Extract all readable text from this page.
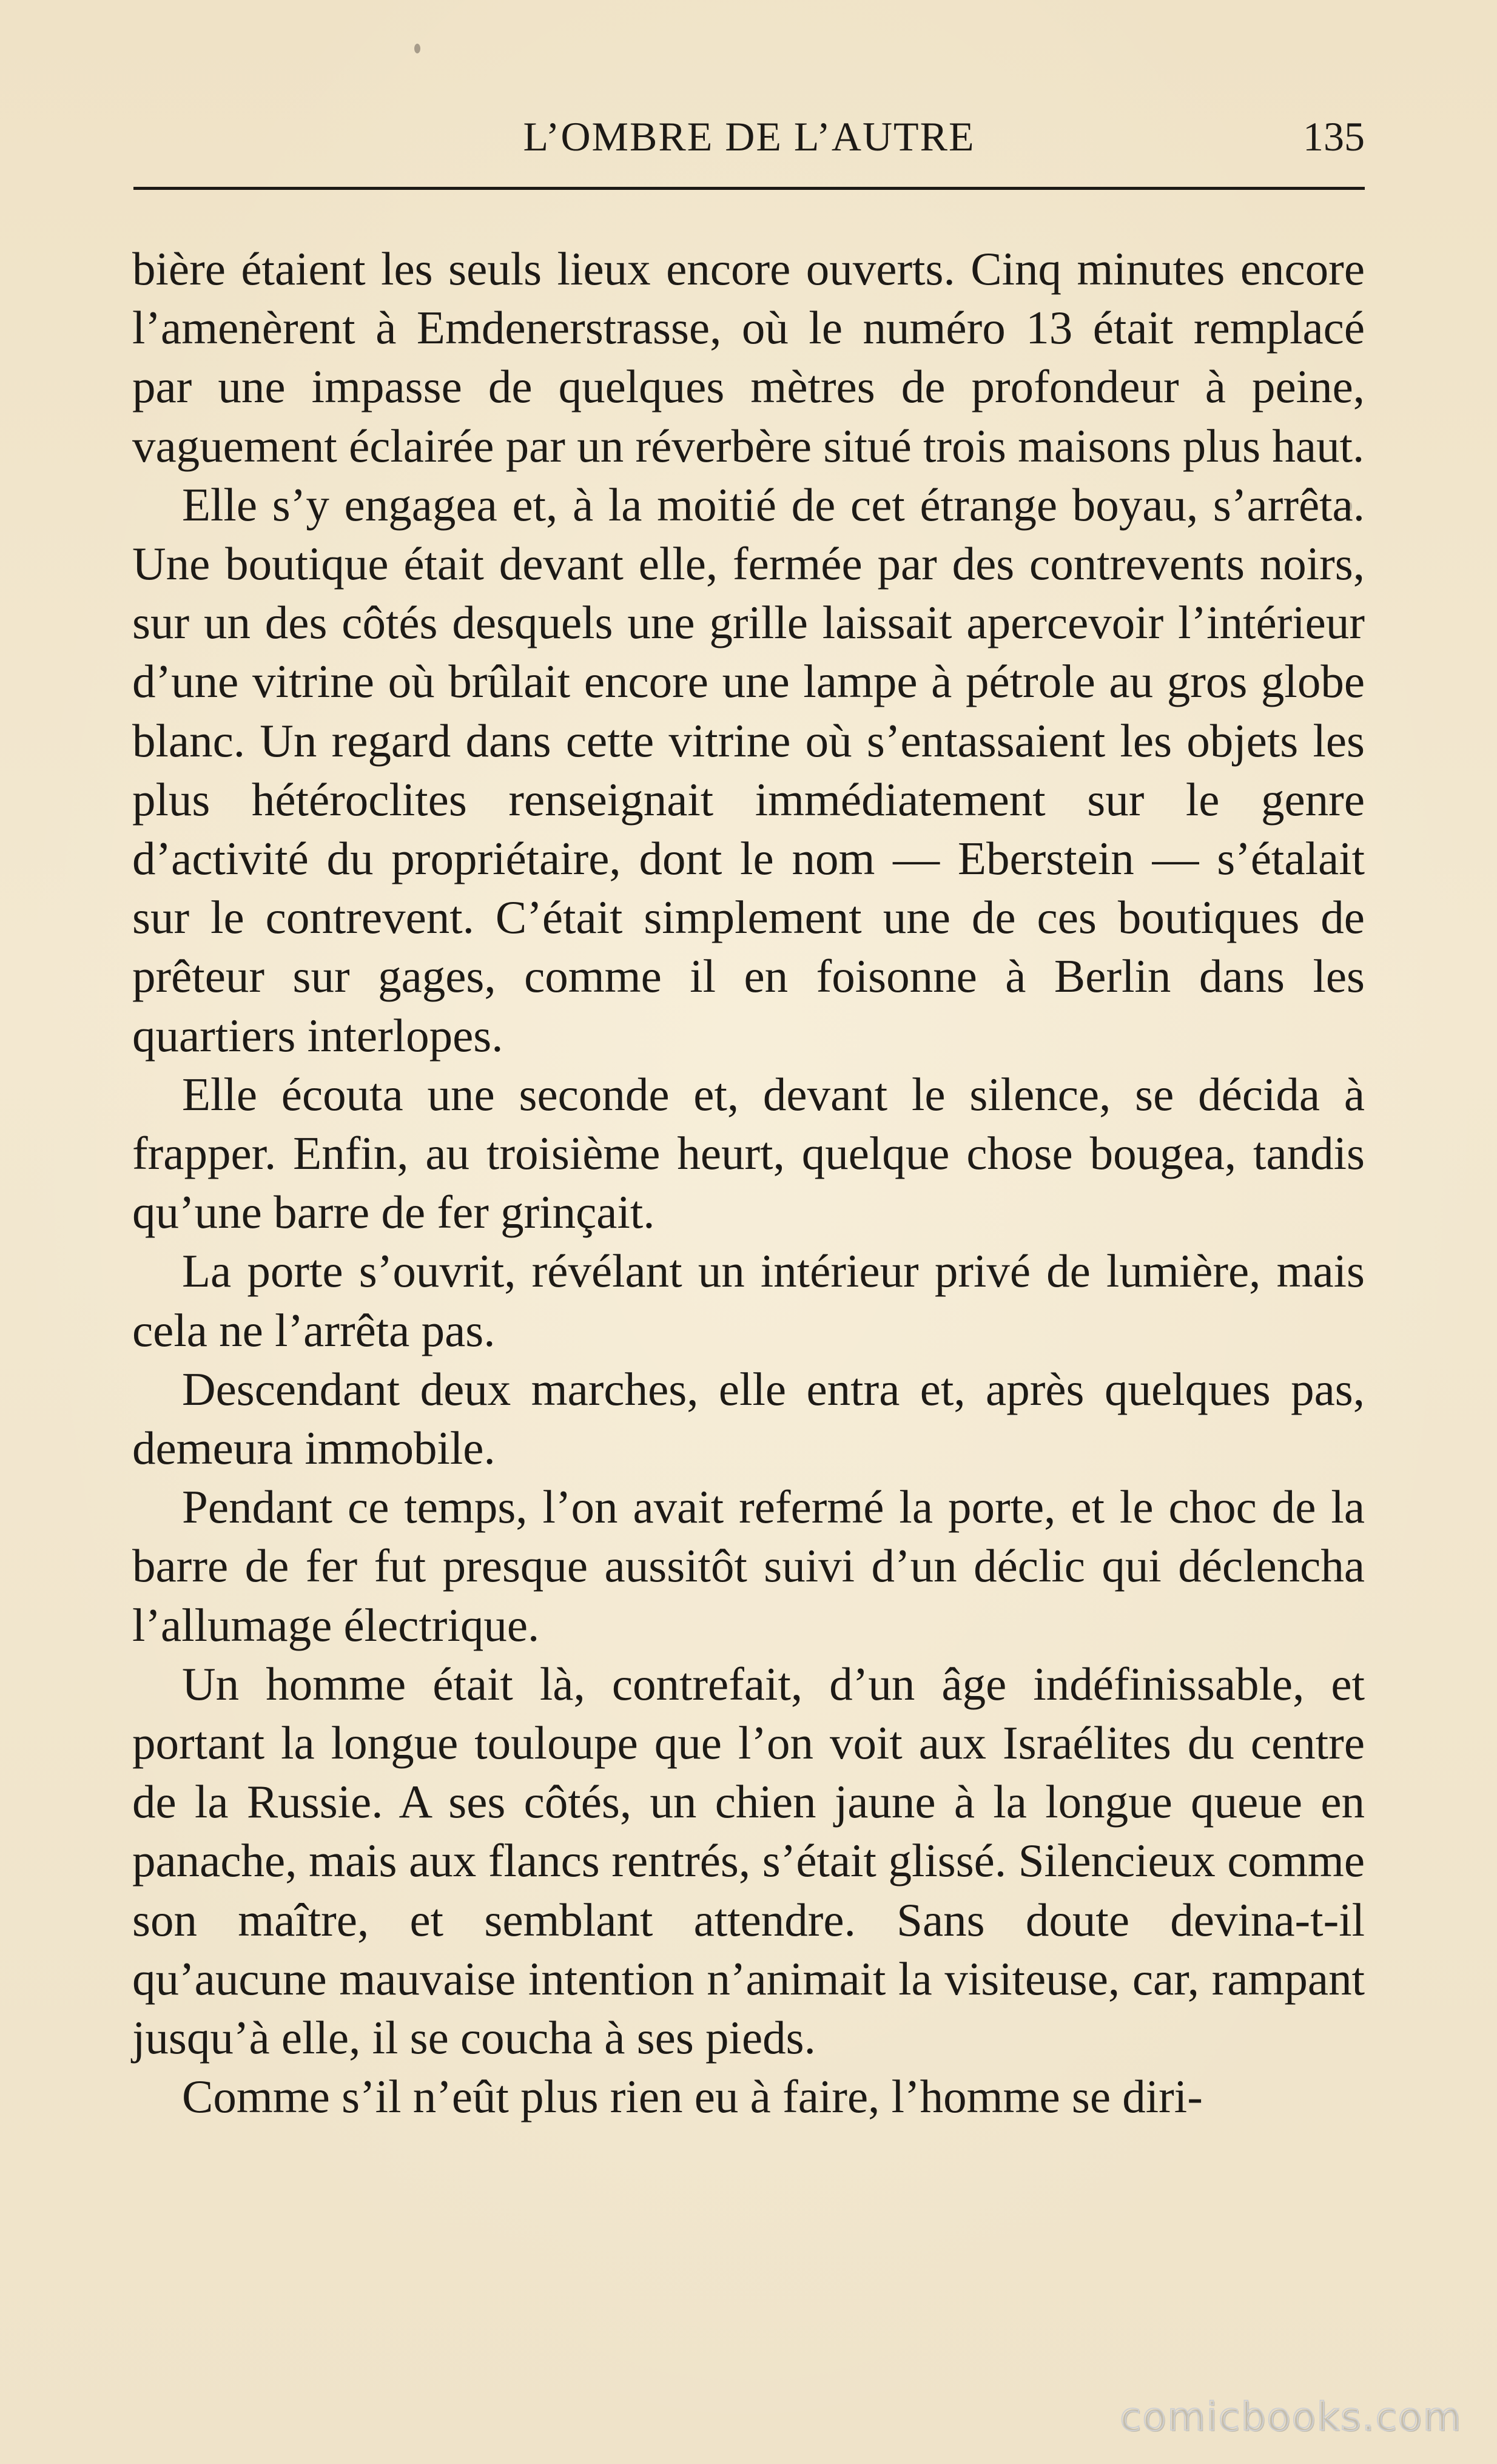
L’OMBRE DE L’AUTRE	135

bière étaient les seuls lieux encore ouverts. Cinq minutes encore l’amenèrent à Emdenerstrasse, où le numéro 13 était remplacé par une impasse de quelques mètres de profondeur à peine, vaguement éclairée par un réverbère situé trois maisons plus haut.

Elle s’y engagea et, à la moitié de cet étrange boyau, s’arrêta. Une boutique était devant elle, fermée par des contrevents noirs, sur un des côtés desquels une grille laissait apercevoir l’intérieur d’une vitrine où brûlait encore une lampe à pétrole au gros globe blanc. Un regard dans cette vitrine où s’entassaient les objets les plus hétéroclites renseignait immédiatement sur le genre d’activité du propriétaire, dont le nom — Eberstein — s’étalait sur le contrevent. C’était simplement une de ces boutiques de prêteur sur gages, comme il en foisonne à Berlin dans les quartiers interlopes.

Elle écouta une seconde et, devant le silence, se décida à frapper. Enfin, au troisième heurt, quelque chose bougea, tandis qu’une barre de fer grinçait.

La porte s’ouvrit, révélant un intérieur privé de lumière, mais cela ne l’arrêta pas.

Descendant deux marches, elle entra et, après quelques pas, demeura immobile.

Pendant ce temps, l’on avait refermé la porte, et le choc de la barre de fer fut presque aussitôt suivi d’un déclic qui déclencha l’allumage électrique.

Un homme était là, contrefait, d’un âge indéfinissable, et portant la longue touloupe que l’on voit aux Israélites du centre de la Russie. A ses côtés, un chien jaune à la longue queue en panache, mais aux flancs rentrés, s’était glissé. Silencieux comme son maître, et semblant attendre. Sans doute devina-t-il qu’aucune mauvaise intention n’animait la visiteuse, car, rampant jusqu’à elle, il se coucha à ses pieds.

Comme s’il n’eût plus rien eu à faire, l’homme se diri-

comicbooks.com
